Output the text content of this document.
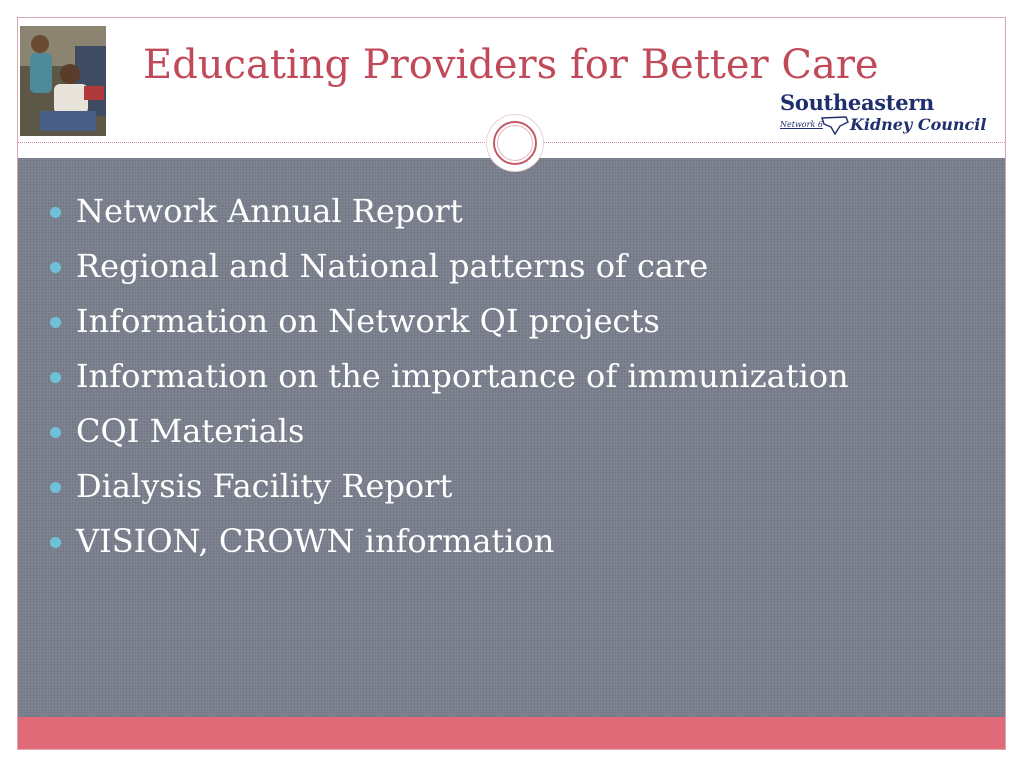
Educating Providers for Better Care
Southeastern
Network 6 Kidney Council
Network Annual Report
Regional and National patterns of care
Information on Network QI projects
Information on the importance of immunization
CQI Materials
Dialysis Facility Report
VISION, CROWN information
